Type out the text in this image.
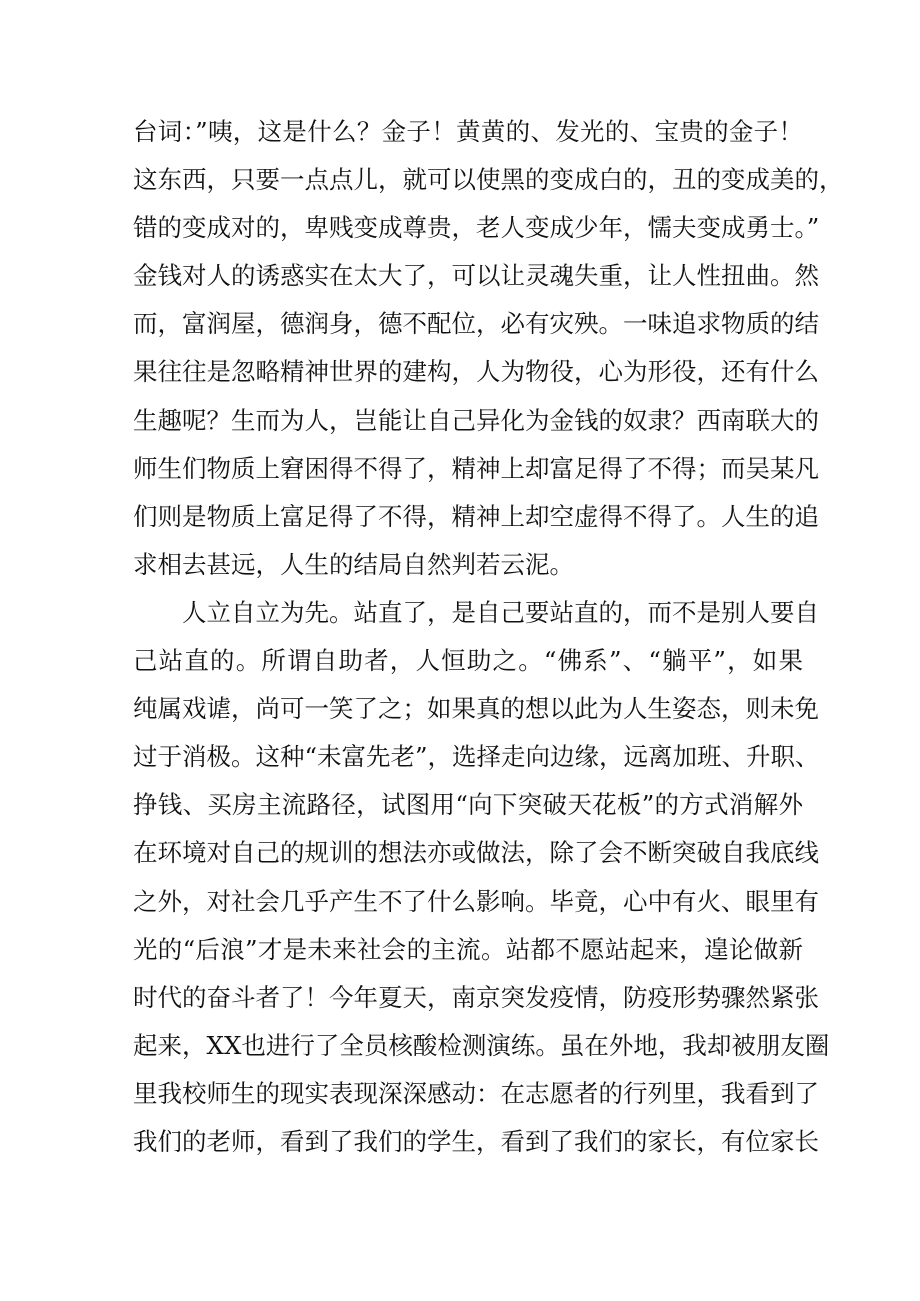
台词：”咦，这是什么？金子！黄黄的、发光的、宝贵的金子！
这东西，只要一点点儿，就可以使黑的变成白的，丑的变成美的，
错的变成对的，卑贱变成尊贵，老人变成少年，懦夫变成勇士。”
金钱对人的诱惑实在太大了，可以让灵魂失重，让人性扭曲。然
而，富润屋，德润身，德不配位，必有灾殃。一味追求物质的结
果往往是忽略精神世界的建构，人为物役，心为形役，还有什么
生趣呢？生而为人，岂能让自己异化为金钱的奴隶？西南联大的
师生们物质上窘困得不得了，精神上却富足得了不得；而吴某凡
们则是物质上富足得了不得，精神上却空虚得不得了。人生的追
求相去甚远，人生的结局自然判若云泥。
人立自立为先。站直了，是自己要站直的，而不是别人要自
己站直的。所谓自助者，人恒助之。“佛系”、“躺平”，如果
纯属戏谑，尚可一笑了之；如果真的想以此为人生姿态，则未免
过于消极。这种“未富先老”，选择走向边缘，远离加班、升职、
挣钱、买房主流路径，试图用“向下突破天花板”的方式消解外
在环境对自己的规训的想法亦或做法，除了会不断突破自我底线
之外，对社会几乎产生不了什么影响。毕竟，心中有火、眼里有
光的“后浪”才是未来社会的主流。站都不愿站起来，遑论做新
时代的奋斗者了！今年夏天，南京突发疫情，防疫形势骤然紧张
起来，XX也进行了全员核酸检测演练。虽在外地，我却被朋友圈
里我校师生的现实表现深深感动：在志愿者的行列里，我看到了
我们的老师，看到了我们的学生，看到了我们的家长，有位家长
